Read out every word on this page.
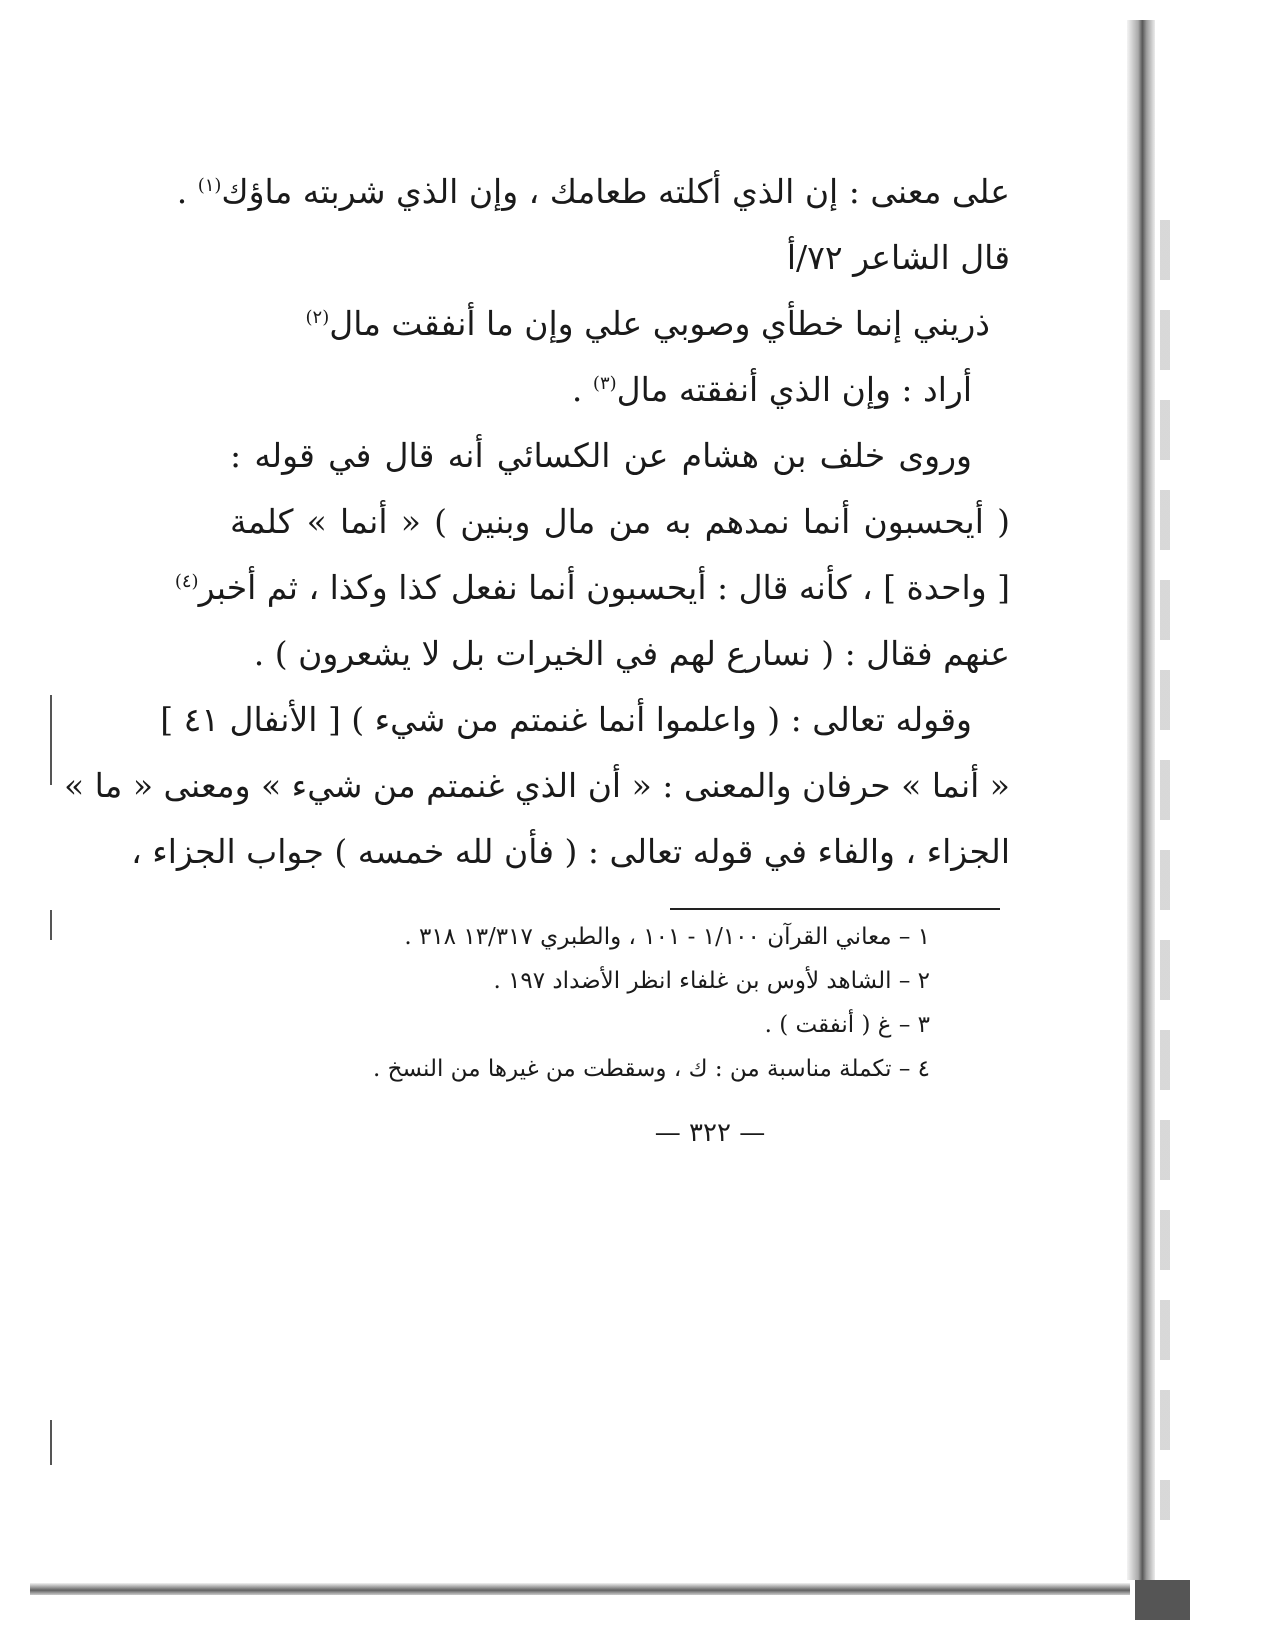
على معنى : إن الذي أكلته طعامك ، وإن الذي شربته ماؤك$^{(١)}$ .
قال الشاعر ٧٢/أ
ذريني إنما خطأي وصوبي علي وإن ما أنفقت مال$^{(٢)}$
أراد : وإن الذي أنفقته مال$^{(٣)}$ .
وروى خلف بن هشام عن الكسائي أنه قال في قوله :
( أيحسبون أنما نمدهم به من مال وبنين ) « أنما » كلمة
[ واحدة ] ، كأنه قال : أيحسبون أنما نفعل كذا وكذا ، ثم أخبر$^{(٤)}$
عنهم فقال : ( نسارع لهم في الخيرات بل لا يشعرون ) .
وقوله تعالى : ( واعلموا أنما غنمتم من شيء ) [ الأنفال ٤١ ]
« أنما » حرفان والمعنى : « أن الذي غنمتم من شيء » ومعنى « ما »
الجزاء ، والفاء في قوله تعالى : ( فأن لله خمسه ) جواب الجزاء ،
١ – معاني القرآن ١/١٠٠ - ١٠١ ، والطبري ١٣/٣١٧ ٣١٨ .
٢ – الشاهد لأوس بن غلفاء انظر الأضداد ١٩٧ .
٣ – غ ( أنفقت ) .
٤ – تكملة مناسبة من : ك ، وسقطت من غيرها من النسخ .
— ٣٢٢ —
